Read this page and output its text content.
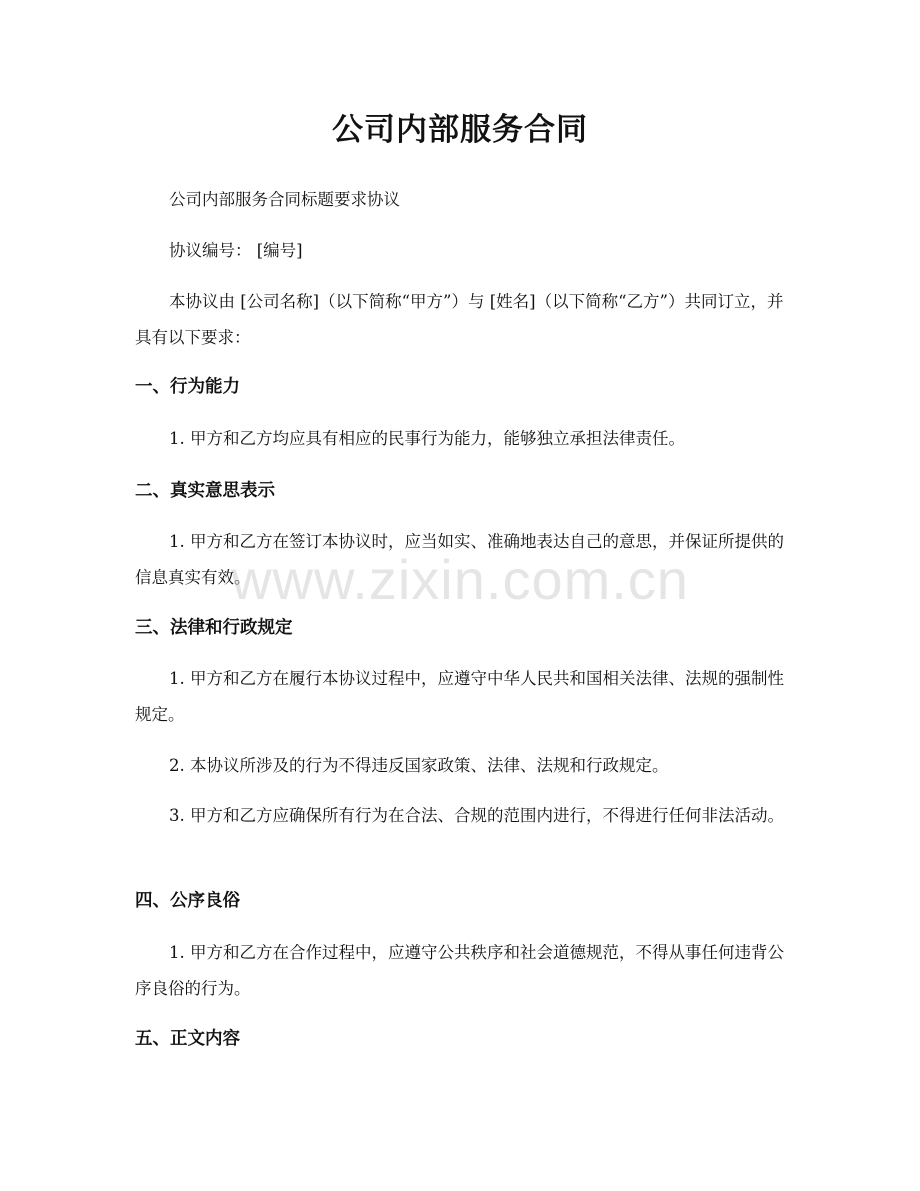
公司内部服务合同

公司内部服务合同标题要求协议

协议编号： [编号]

本协议由 [公司名称]（以下简称“甲方”）与 [姓名]（以下简称“乙方”）共同订立，并具有以下要求：

一、行为能力

1. 甲方和乙方均应具有相应的民事行为能力，能够独立承担法律责任。

二、真实意思表示

1. 甲方和乙方在签订本协议时，应当如实、准确地表达自己的意思，并保证所提供的信息真实有效。

三、法律和行政规定

1. 甲方和乙方在履行本协议过程中，应遵守中华人民共和国相关法律、法规的强制性规定。

2. 本协议所涉及的行为不得违反国家政策、法律、法规和行政规定。

3. 甲方和乙方应确保所有行为在合法、合规的范围内进行，不得进行任何非法活动。

四、公序良俗

1. 甲方和乙方在合作过程中，应遵守公共秩序和社会道德规范，不得从事任何违背公序良俗的行为。

五、正文内容
www.zixin.com.cn
